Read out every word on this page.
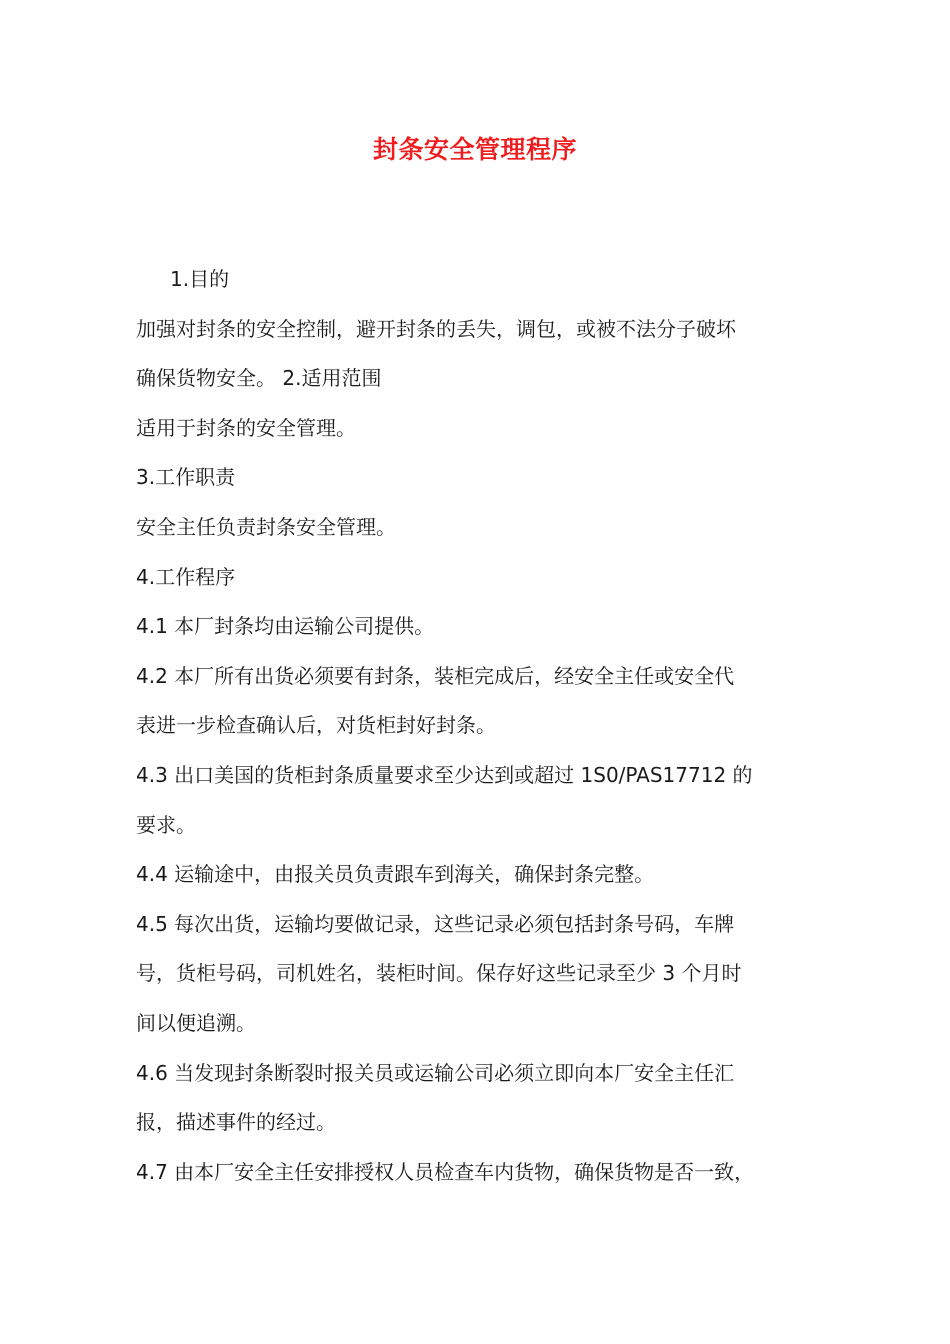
封条安全管理程序
1.目的
加强对封条的安全控制，避开封条的丢失，调包，或被不法分子破坏
确保货物安全。 2.适用范围
适用于封条的安全管理。
3.工作职责
安全主任负责封条安全管理。
4.工作程序
4.1 本厂封条均由运输公司提供。
4.2 本厂所有出货必须要有封条，装柜完成后，经安全主任或安全代
表进一步检查确认后，对货柜封好封条。
4.3 出口美国的货柜封条质量要求至少达到或超过 1S0/PAS17712 的
要求。
4.4 运输途中，由报关员负责跟车到海关，确保封条完整。
4.5 每次出货，运输均要做记录，这些记录必须包括封条号码，车牌
号，货柜号码，司机姓名，装柜时间。保存好这些记录至少 3 个月时
间以便追溯。
4.6 当发现封条断裂时报关员或运输公司必须立即向本厂安全主任汇
报，描述事件的经过。
4.7 由本厂安全主任安排授权人员检查车内货物，确保货物是否一致，
